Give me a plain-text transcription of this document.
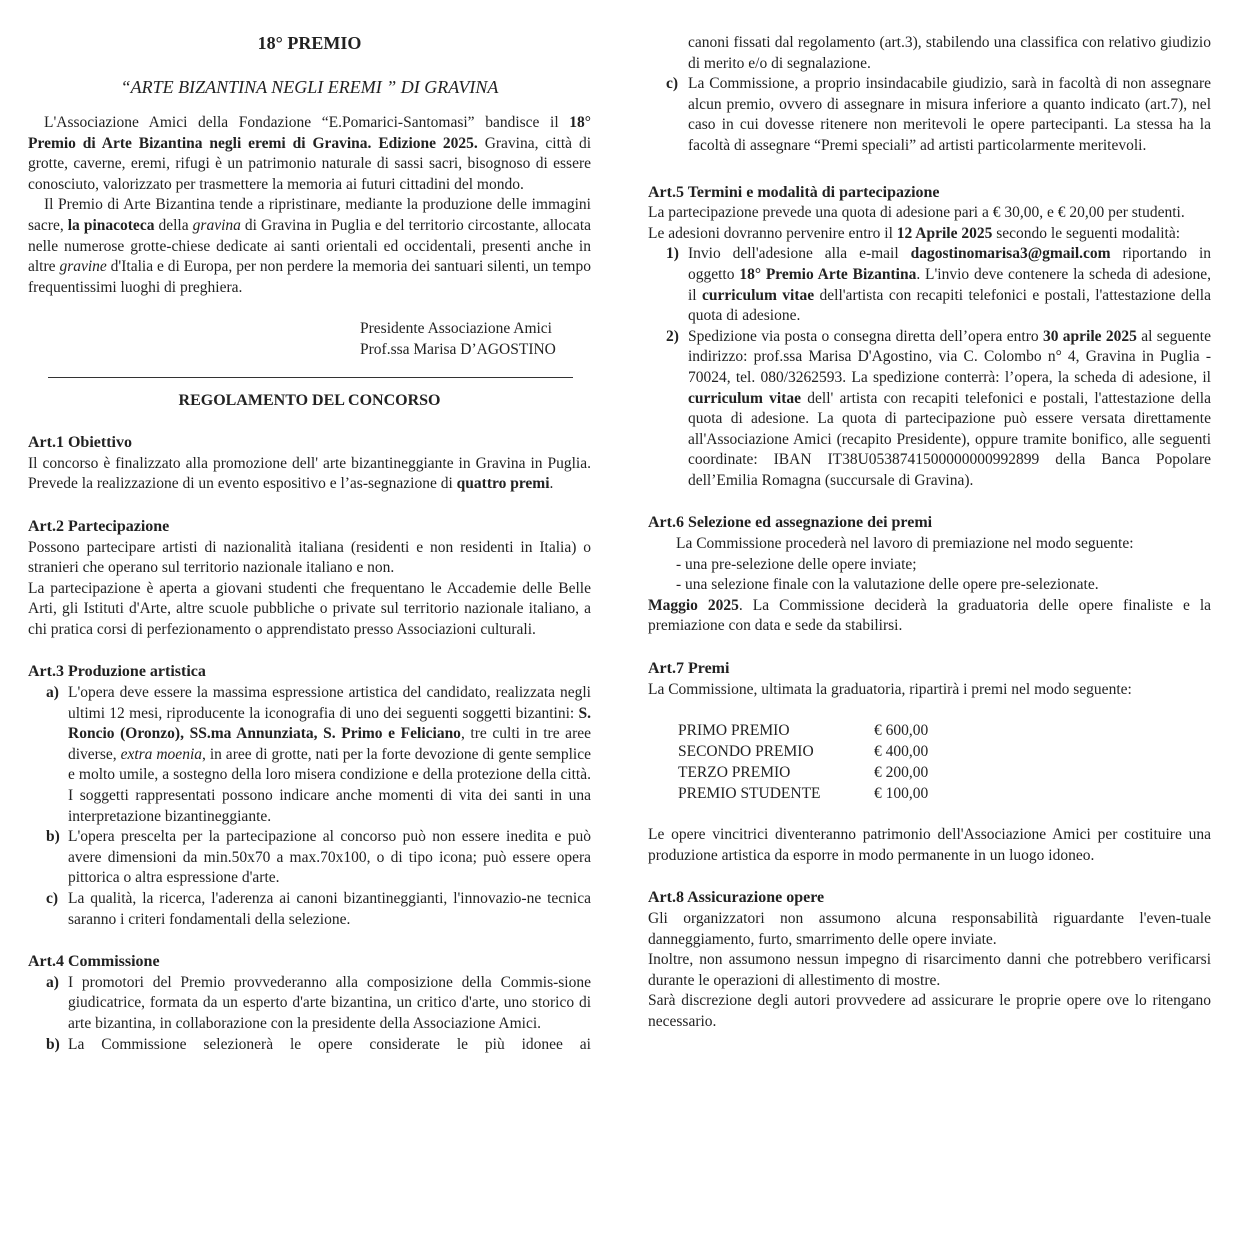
18° PREMIO

“ARTE BIZANTINA NEGLI EREMI ” DI GRAVINA

L'Associazione Amici della Fondazione “E.Pomarici-Santomasi” bandisce il 18° Premio di Arte Bizantina negli eremi di Gravina. Edizione 2025. Gravina, città di grotte, caverne, eremi, rifugi è un patrimonio naturale di sassi sacri, bisognoso di essere conosciuto, valorizzato per trasmettere la memoria ai futuri cittadini del mondo.

Il Premio di Arte Bizantina tende a ripristinare, mediante la produzione delle immagini sacre, la pinacoteca della gravina di Gravina in Puglia e del territorio circostante, allocata nelle numerose grotte-chiese dedicate ai santi orientali ed occidentali, presenti anche in altre gravine d'Italia e di Europa, per non perdere la memoria dei santuari silenti, un tempo frequentissimi luoghi di preghiera.

Presidente Associazione Amici

Prof.ssa Marisa D’AGOSTINO

REGOLAMENTO DEL CONCORSO

Art.1 Obiettivo

Il concorso è finalizzato alla promozione dell' arte bizantineggiante in Gravina in Puglia. Prevede la realizzazione di un evento espositivo e l’as-segnazione di quattro premi.

Art.2 Partecipazione

Possono partecipare artisti di nazionalità italiana (residenti e non residenti in Italia) o stranieri che operano sul territorio nazionale italiano e non.

La partecipazione è aperta a giovani studenti che frequentano le Accademie delle Belle Arti, gli Istituti d'Arte, altre scuole pubbliche o private sul territorio nazionale italiano, a chi pratica corsi di perfezionamento o apprendistato presso Associazioni culturali.

Art.3 Produzione artistica

a) L'opera deve essere la massima espressione artistica del candidato, realizzata negli ultimi 12 mesi, riproducente la iconografia di uno dei seguenti soggetti bizantini: S. Roncio (Oronzo), SS.ma Annunziata, S. Primo e Feliciano, tre culti in tre aree diverse, extra moenia, in aree di grotte, nati per la forte devozione di gente semplice e molto umile, a sostegno della loro misera condizione e della protezione della città. I soggetti rappresentati possono indicare anche momenti di vita dei santi in una interpretazione bizantineggiante.
b) L'opera prescelta per la partecipazione al concorso può non essere inedita e può avere dimensioni da min.50x70 a max.70x100, o di tipo icona; può essere opera pittorica o altra espressione d'arte.
c) La qualità, la ricerca, l'aderenza ai canoni bizantineggianti, l'innovazio-ne tecnica saranno i criteri fondamentali della selezione.

Art.4 Commissione

a) I promotori del Premio provvederanno alla composizione della Commis-sione giudicatrice, formata da un esperto d'arte bizantina, un critico d'arte, uno storico di arte bizantina, in collaborazione con la presidente della Associazione Amici.
b) La Commissione selezionerà le opere considerate le più idonee ai

canoni fissati dal regolamento (art.3), stabilendo una classifica con relativo giudizio di merito e/o di segnalazione.

c) La Commissione, a proprio insindacabile giudizio, sarà in facoltà di non assegnare alcun premio, ovvero di assegnare in misura inferiore a quanto indicato (art.7), nel caso in cui dovesse ritenere non meritevoli le opere partecipanti. La stessa ha la facoltà di assegnare “Premi speciali” ad artisti particolarmente meritevoli.

Art.5 Termini e modalità di partecipazione

La partecipazione prevede una quota di adesione pari a € 30,00, e € 20,00 per studenti.

Le adesioni dovranno pervenire entro il 12 Aprile 2025 secondo le seguenti modalità:

1) Invio dell'adesione alla e-mail dagostinomarisa3@gmail.com riportando in oggetto 18° Premio Arte Bizantina. L'invio deve contenere la scheda di adesione, il curriculum vitae dell'artista con recapiti telefonici e postali, l'attestazione della quota di adesione.
2) Spedizione via posta o consegna diretta dell’opera entro 30 aprile 2025 al seguente indirizzo: prof.ssa Marisa D'Agostino, via C. Colombo n° 4, Gravina in Puglia - 70024, tel. 080/3262593. La spedizione conterrà: l’opera, la scheda di adesione, il curriculum vitae dell' artista con recapiti telefonici e postali, l'attestazione della quota di adesione. La quota di partecipazione può essere versata direttamente all'Associazione Amici (recapito Presidente), oppure tramite bonifico, alle seguenti coordinate: IBAN IT38U0538741500000000992899 della Banca Popolare dell’Emilia Romagna (succursale di Gravina).

Art.6 Selezione ed assegnazione dei premi

La Commissione procederà nel lavoro di premiazione nel modo seguente:

- una pre-selezione delle opere inviate;

- una selezione finale con la valutazione delle opere pre-selezionate.

Maggio 2025. La Commissione deciderà la graduatoria delle opere finaliste e la premiazione con data e sede da stabilirsi.

Art.7 Premi

La Commissione, ultimata la graduatoria, ripartirà i premi nel modo seguente:

PRIMO PREMIO	€ 600,00
SECONDO PREMIO	€ 400,00
TERZO PREMIO	€ 200,00
PREMIO STUDENTE	€ 100,00

Le opere vincitrici diventeranno patrimonio dell'Associazione Amici per costituire una produzione artistica da esporre in modo permanente in un luogo idoneo.

Art.8 Assicurazione opere

Gli organizzatori non assumono alcuna responsabilità riguardante l'even-tuale danneggiamento, furto, smarrimento delle opere inviate.

Inoltre, non assumono nessun impegno di risarcimento danni che potrebbero verificarsi durante le operazioni di allestimento di mostre.

Sarà discrezione degli autori provvedere ad assicurare le proprie opere ove lo ritengano necessario.
